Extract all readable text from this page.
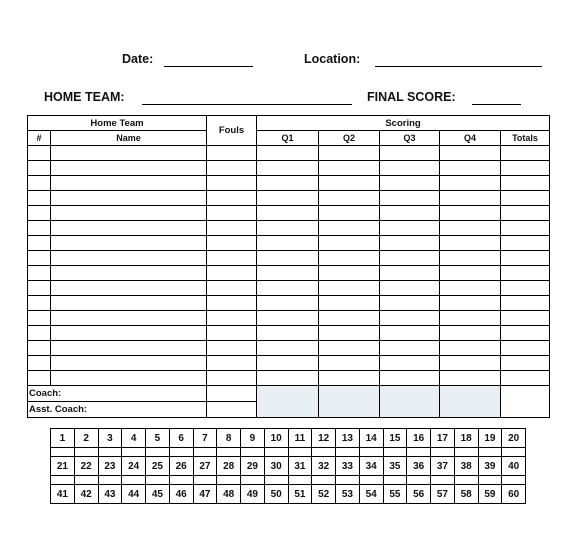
Date:	Location:
HOME TEAM:	FINAL SCORE:
Home Team		Fouls	Scoring				
#	Name		Q1	Q2	Q3	Q4	Totals

Coach:							
Asst. Coach:							
1	2	3	4	5	6	7	8	9	10	11	12	13	14	15	16	17	18	19	20

21	22	23	24	25	26	27	28	29	30	31	32	33	34	35	36	37	38	39	40

41	42	43	44	45	46	47	48	49	50	51	52	53	54	55	56	57	58	59	60
